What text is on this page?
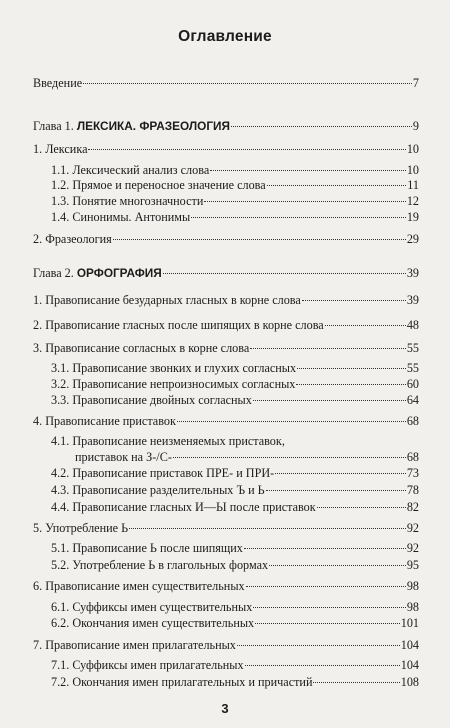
Оглавление
Введение	7
Глава 1. ЛЕКСИКА. ФРАЗЕОЛОГИЯ	9
1. Лексика	10
1.1. Лексический анализ слова	10
1.2. Прямое и переносное значение слова	11
1.3. Понятие многозначности	12
1.4. Синонимы. Антонимы	19
2. Фразеология	29
Глава 2. ОРФОГРАФИЯ	39
1. Правописание безударных гласных в корне слова	39
2. Правописание гласных после шипящих в корне слова	48
3. Правописание согласных в корне слова	55
3.1. Правописание звонких и глухих согласных	55
3.2. Правописание непроизносимых согласных	60
3.3. Правописание двойных согласных	64
4. Правописание приставок	68
4.1. Правописание неизменяемых приставок,
приставок на З-/С-	68
4.2. Правописание приставок ПРЕ- и ПРИ-	73
4.3. Правописание разделительных Ъ и Ь	78
4.4. Правописание гласных И—Ы после приставок	82
5. Употребление Ь	92
5.1. Правописание Ь после шипящих	92
5.2. Употребление Ь в глагольных формах	95
6. Правописание имен существительных	98
6.1. Суффиксы имен существительных	98
6.2. Окончания имен существительных	101
7. Правописание имен прилагательных	104
7.1. Суффиксы имен прилагательных	104
7.2. Окончания имен прилагательных и причастий	108
3
